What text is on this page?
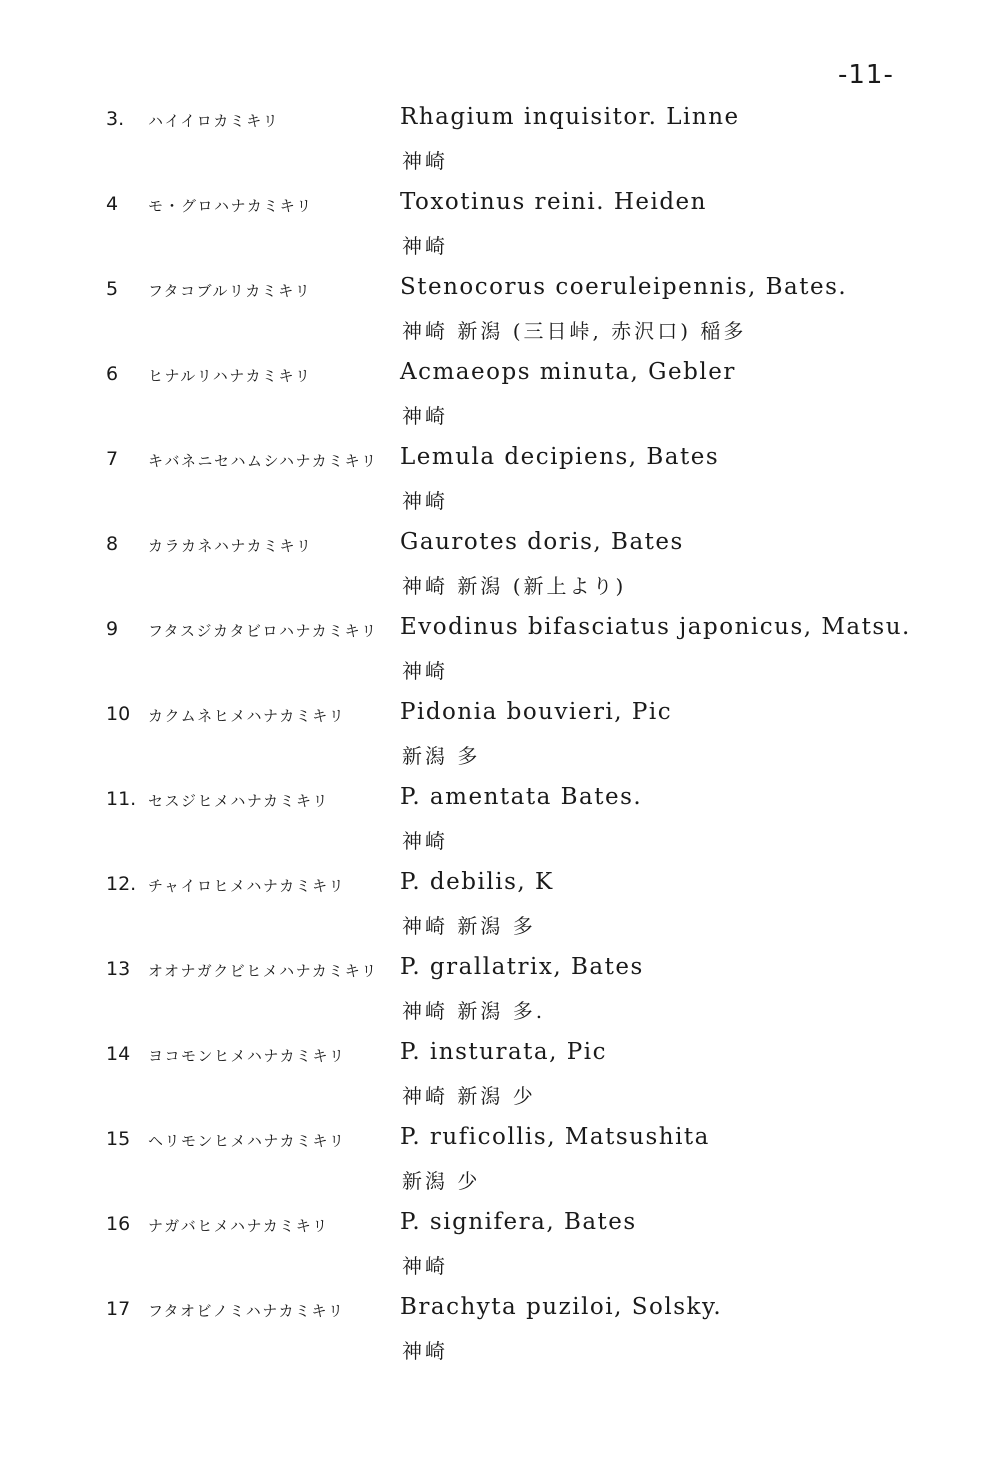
-11-
3. ハイイロカミキリ	Rhagium inquisitor. Linne
神崎
4 モ・グロハナカミキリ	Toxotinus reini. Heiden
神崎
5 フタコブルリカミキリ	Stenocorus coeruleipennis, Bates.
神崎 新潟 (三日峠, 赤沢口) 稲多
6 ヒナルリハナカミキリ	Acmaeops minuta, Gebler
神崎
7 キバネニセハムシハナカミキリ Lemula decipiens, Bates
神崎
8 カラカネハナカミキリ	Gaurotes doris, Bates
神崎 新潟 (新上より)
9 フタスジカタビロハナカミキリ Evodinus bifasciatus japonicus, Matsu.
神崎
10 カクムネヒメハナカミキリ Pidonia bouvieri, Pic
新潟 多
11. セスジヒメハナカミキリ	P. amentata Bates.
神崎
12. チャイロヒメハナカミキリ P. debilis, K
神崎 新潟 多
13 オオナガクビヒメハナカミキリ P. grallatrix, Bates
神崎 新潟 多.
14 ヨコモンヒメハナカミキリ P. insturata, Pic
神崎 新潟 少
15 ヘリモンヒメハナカミキリ P. ruficollis, Matsushita
新潟 少
16 ナガバヒメハナカミキリ	P. signifera, Bates
神崎
17 フタオビノミハナカミキリ Brachyta puziloi, Solsky.
神崎
